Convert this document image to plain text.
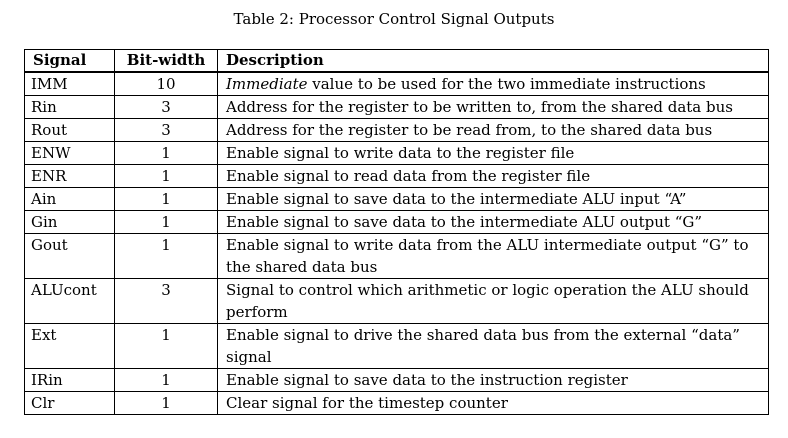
Table 2: Processor Control Signal Outputs
Signal	Bit-width	Description
IMM	10	Immediate value to be used for the two immediate instructions
Rin	3	Address for the register to be written to, from the shared data bus
Rout	3	Address for the register to be read from, to the shared data bus
ENW	1	Enable signal to write data to the register file
ENR	1	Enable signal to read data from the register file
Ain	1	Enable signal to save data to the intermediate ALU input “A”
Gin	1	Enable signal to save data to the intermediate ALU output “G”
Gout	1	Enable signal to write data from the ALU intermediate output “G” to the shared data bus
ALUcont	3	Signal to control which arithmetic or logic operation the ALU should perform
Ext	1	Enable signal to drive the shared data bus from the external “data” signal
IRin	1	Enable signal to save data to the instruction register
Clr	1	Clear signal for the timestep counter
